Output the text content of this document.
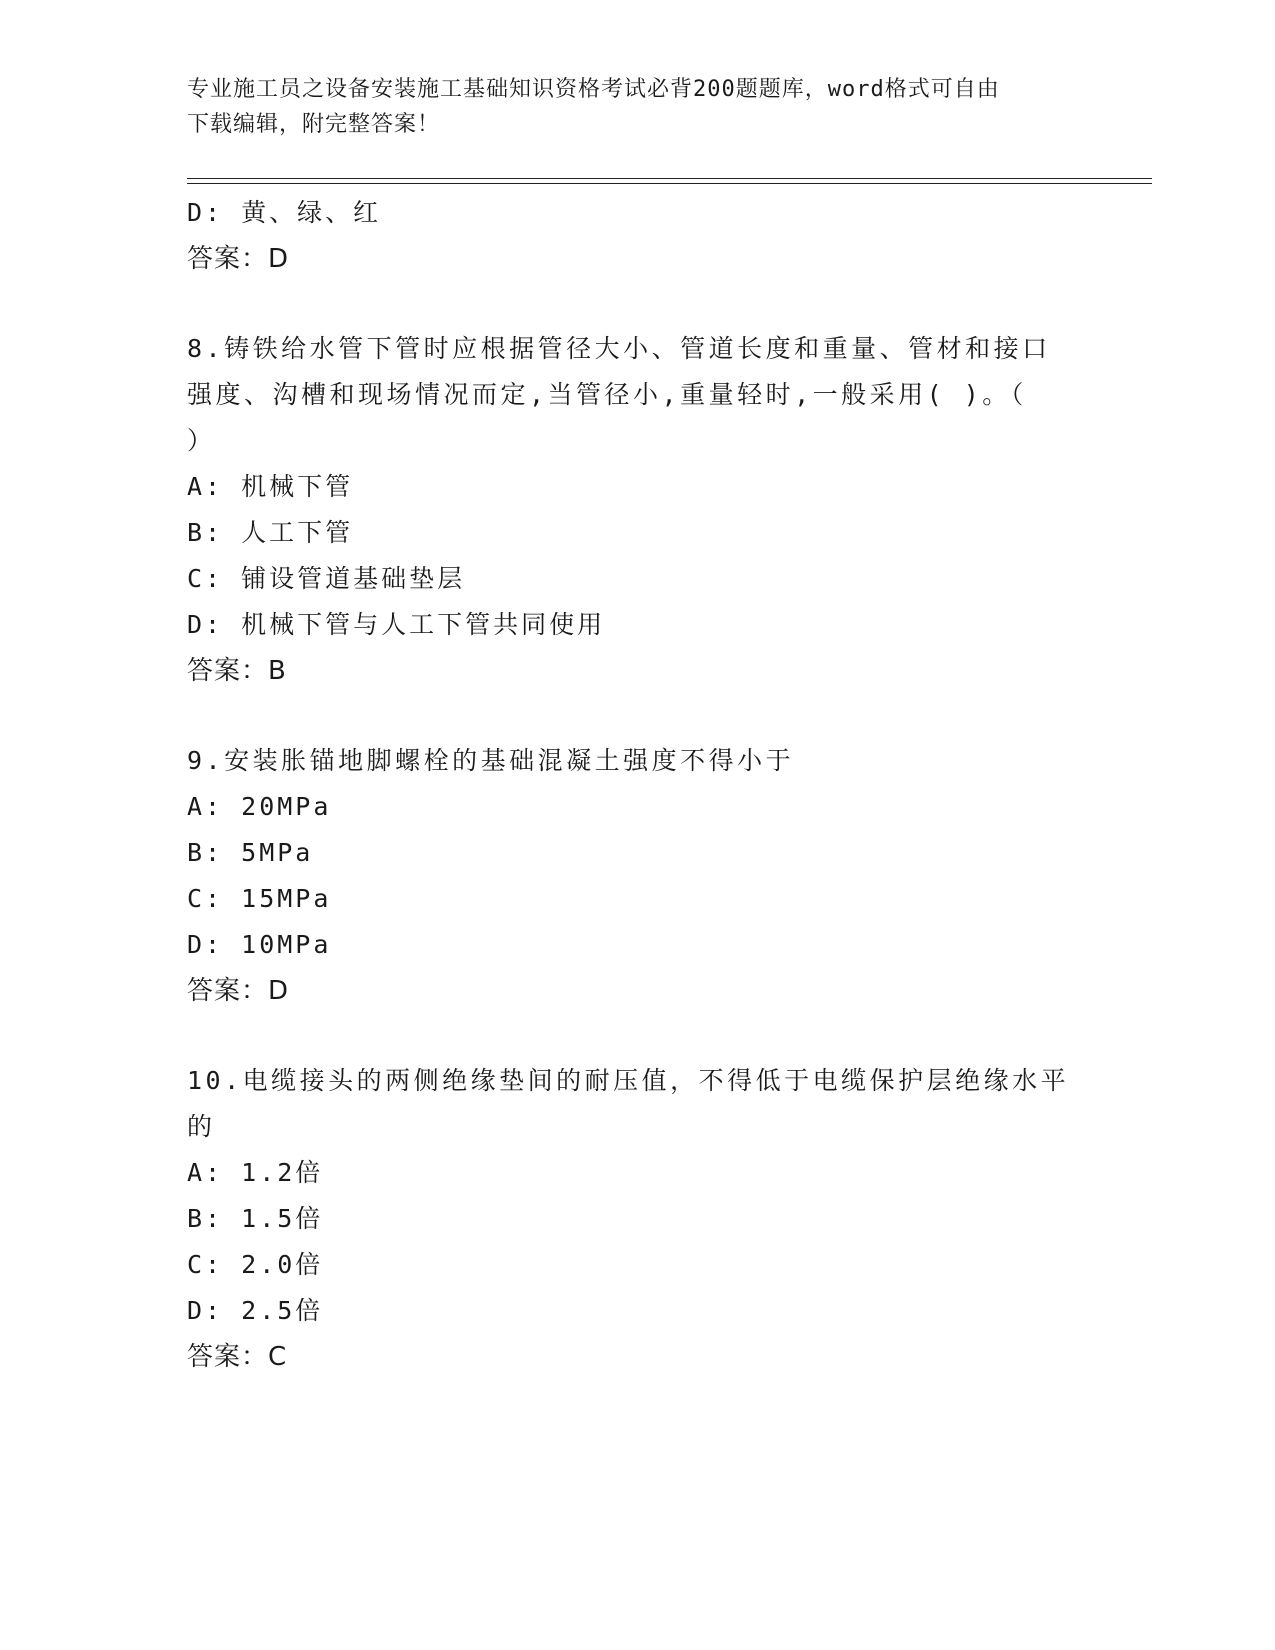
专业施工员之设备安装施工基础知识资格考试必背200题题库，word格式可自由
下载编辑，附完整答案！
D: 黄、绿、红
答案：D
8.铸铁给水管下管时应根据管径大小、管道长度和重量、管材和接口
强度、沟槽和现场情况而定,当管径小,重量轻时,一般采用( )。（
）
A: 机械下管
B: 人工下管
C: 铺设管道基础垫层
D: 机械下管与人工下管共同使用
答案：B
9.安装胀锚地脚螺栓的基础混凝土强度不得小于
A: 20MPa
B: 5MPa
C: 15MPa
D: 10MPa
答案：D
10.电缆接头的两侧绝缘垫间的耐压值，不得低于电缆保护层绝缘水平
的
A: 1.2倍
B: 1.5倍
C: 2.0倍
D: 2.5倍
答案：C
